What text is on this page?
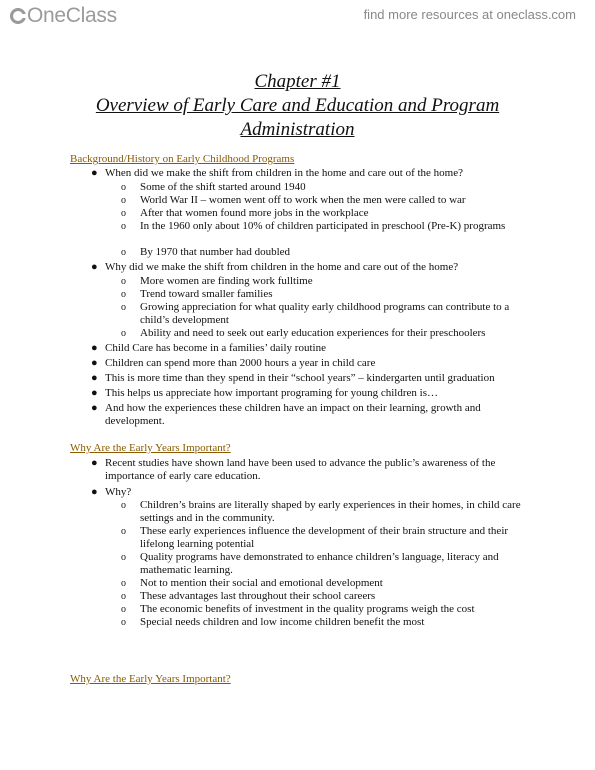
OneClass	find more resources at oneclass.com
Chapter #1
Overview of Early Care and Education and Program
Administration
Background/History on Early Childhood Programs
● When did we make the shift from children in the home and care out of the home?
o Some of the shift started around 1940
o World War II – women went off to work when the men were called to war
o After that women found more jobs in the workplace
o In the 1960 only about 10% of children participated in preschool (Pre-K) programs
o By 1970 that number had doubled
● Why did we make the shift from children in the home and care out of the home?
o More women are finding work fulltime
o Trend toward smaller families
o Growing appreciation for what quality early childhood programs can contribute to a child’s development
o Ability and need to seek out early education experiences for their preschoolers
● Child Care has become in a families’ daily routine
● Children can spend more than 2000 hours a year in child care
● This is more time than they spend in their “school years” – kindergarten until graduation
● This helps us appreciate how important programing for young children is…
● And how the experiences these children have an impact on their learning, growth and development.
Why Are the Early Years Important?
● Recent studies have shown land have been used to advance the public’s awareness of the importance of early care education.
● Why?
o Children’s brains are literally shaped by early experiences in their homes, in child care settings and in the community.
o These early experiences influence the development of their brain structure and their lifelong learning potential
o Quality programs have demonstrated to enhance children’s language, literacy and mathematic learning.
o Not to mention their social and emotional development
o These advantages last throughout their school careers
o The economic benefits of investment in the quality programs weigh the cost
o Special needs children and low income children benefit the most
Why Are the Early Years Important?
